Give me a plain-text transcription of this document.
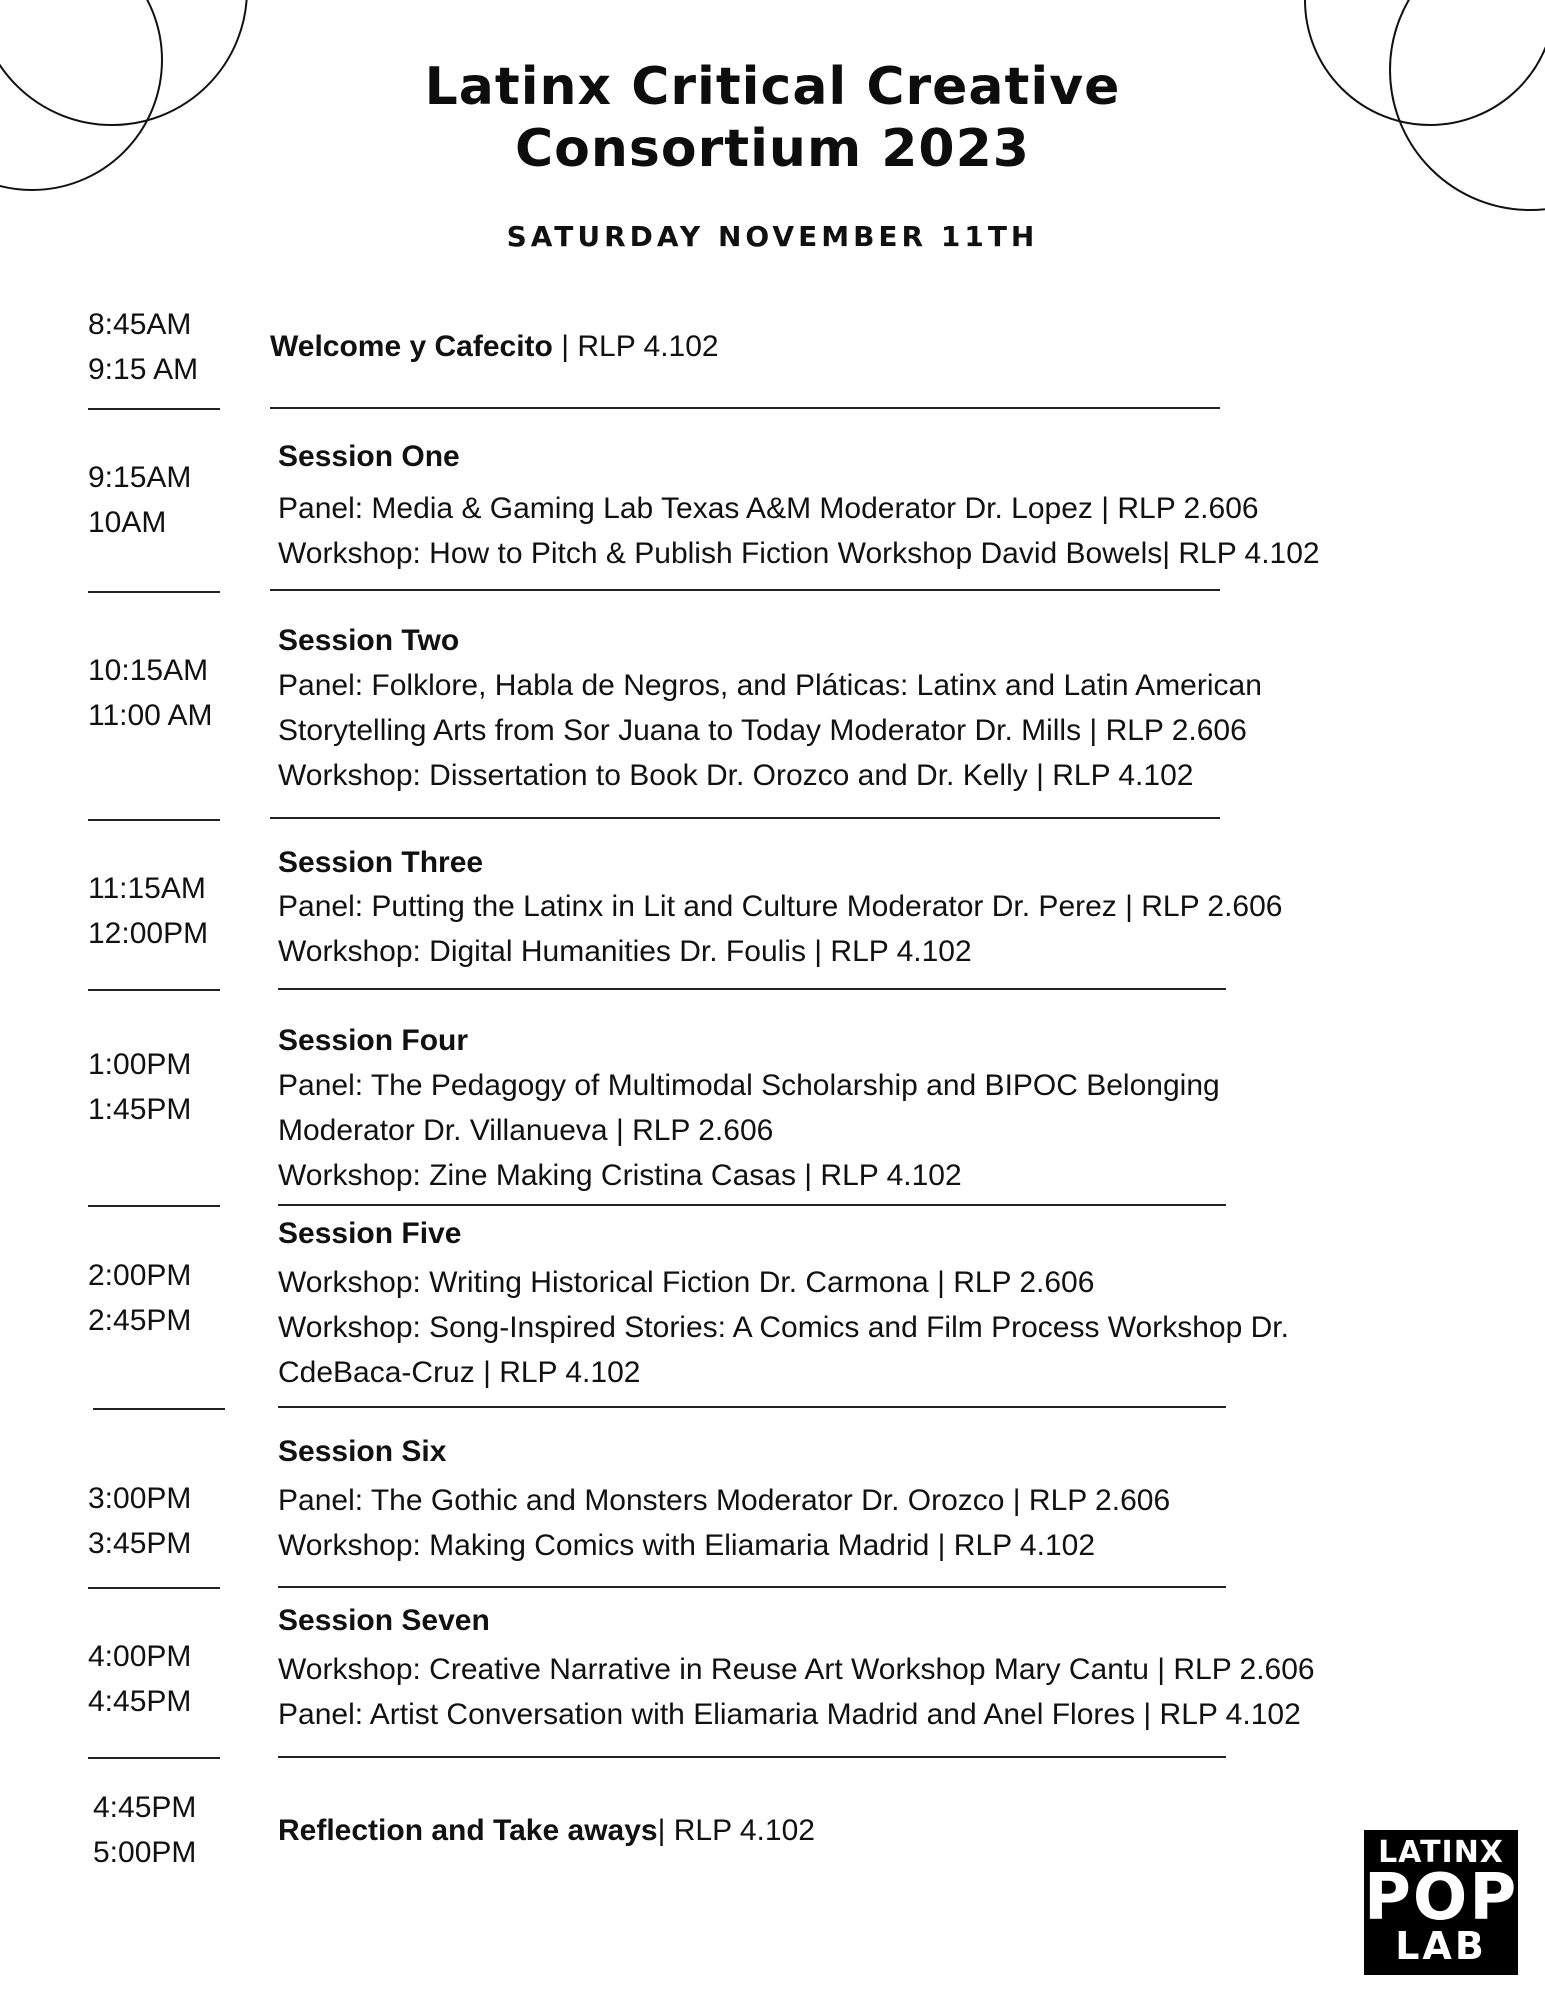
Latinx Critical Creative
Consortium 2023
SATURDAY NOVEMBER 11TH
8:45AM
9:15 AM
Welcome y Cafecito | RLP 4.102
9:15AM
10AM
Session One
Panel: Media & Gaming Lab Texas A&M Moderator Dr. Lopez | RLP 2.606
Workshop: How to Pitch & Publish Fiction Workshop David Bowels| RLP 4.102
10:15AM
11:00 AM
Session Two
Panel: Folklore, Habla de Negros, and Pláticas: Latinx and Latin American
Storytelling Arts from Sor Juana to Today Moderator Dr. Mills | RLP 2.606
Workshop: Dissertation to Book Dr. Orozco and Dr. Kelly | RLP 4.102
11:15AM
12:00PM
Session Three
Panel: Putting the Latinx in Lit and Culture Moderator Dr. Perez | RLP 2.606
Workshop: Digital Humanities Dr. Foulis | RLP 4.102
1:00PM
1:45PM
Session Four
Panel: The Pedagogy of Multimodal Scholarship and BIPOC Belonging
Moderator Dr. Villanueva | RLP 2.606
Workshop: Zine Making Cristina Casas | RLP 4.102
2:00PM
2:45PM
Session Five
Workshop: Writing Historical Fiction Dr. Carmona | RLP 2.606
Workshop: Song-Inspired Stories: A Comics and Film Process Workshop Dr.
CdeBaca-Cruz | RLP 4.102
3:00PM
3:45PM
Session Six
Panel: The Gothic and Monsters Moderator Dr. Orozco | RLP 2.606
Workshop: Making Comics with Eliamaria Madrid | RLP 4.102
4:00PM
4:45PM
Session Seven
Workshop: Creative Narrative in Reuse Art Workshop Mary Cantu | RLP 2.606
Panel: Artist Conversation with Eliamaria Madrid and Anel Flores | RLP 4.102
4:45PM
5:00PM
Reflection and Take aways| RLP 4.102
LATINX
POP
LAB
